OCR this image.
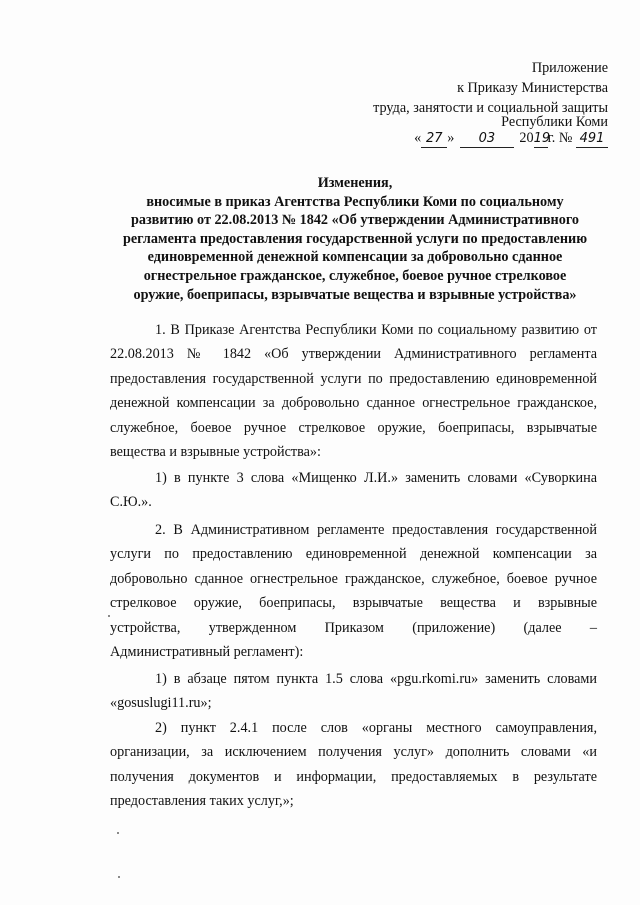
Приложение
к Приказу Министерства
труда, занятости и социальной защиты
Республики Коми
« 27 » 03 2019г. № 491
Изменения,
вносимые в приказ Агентства Республики Коми по социальному
развитию от 22.08.2013 № 1842 «Об утверждении Административного
регламента предоставления государственной услуги по предоставлению
единовременной денежной компенсации за добровольно сданное
огнестрельное гражданское, служебное, боевое ручное стрелковое
оружие, боеприпасы, взрывчатые вещества и взрывные устройства»
1. В Приказе Агентства Республики Коми по социальному развитию от
22.08.2013 № 1842 «Об утверждении Административного регламента
предоставления государственной услуги по предоставлению единовременной
денежной компенсации за добровольно сданное огнестрельное гражданское,
служебное, боевое ручное стрелковое оружие, боеприпасы, взрывчатые
вещества и взрывные устройства»:
1) в пункте 3 слова «Мищенко Л.И.» заменить словами «Суворкина
С.Ю.».
2. В Административном регламенте предоставления государственной
услуги по предоставлению единовременной денежной компенсации за
добровольно сданное огнестрельное гражданское, служебное, боевое ручное
стрелковое оружие, боеприпасы, взрывчатые вещества и взрывные
устройства, утвержденном Приказом (приложение) (далее –
Административный регламент):
1) в абзаце пятом пункта 1.5 слова «pgu.rkomi.ru» заменить словами
«gosuslugi11.ru»;
2) пункт 2.4.1 после слов «органы местного самоуправления,
организации, за исключением получения услуг» дополнить словами «и
получения документов и информации, предоставляемых в результате
предоставления таких услуг,»;
